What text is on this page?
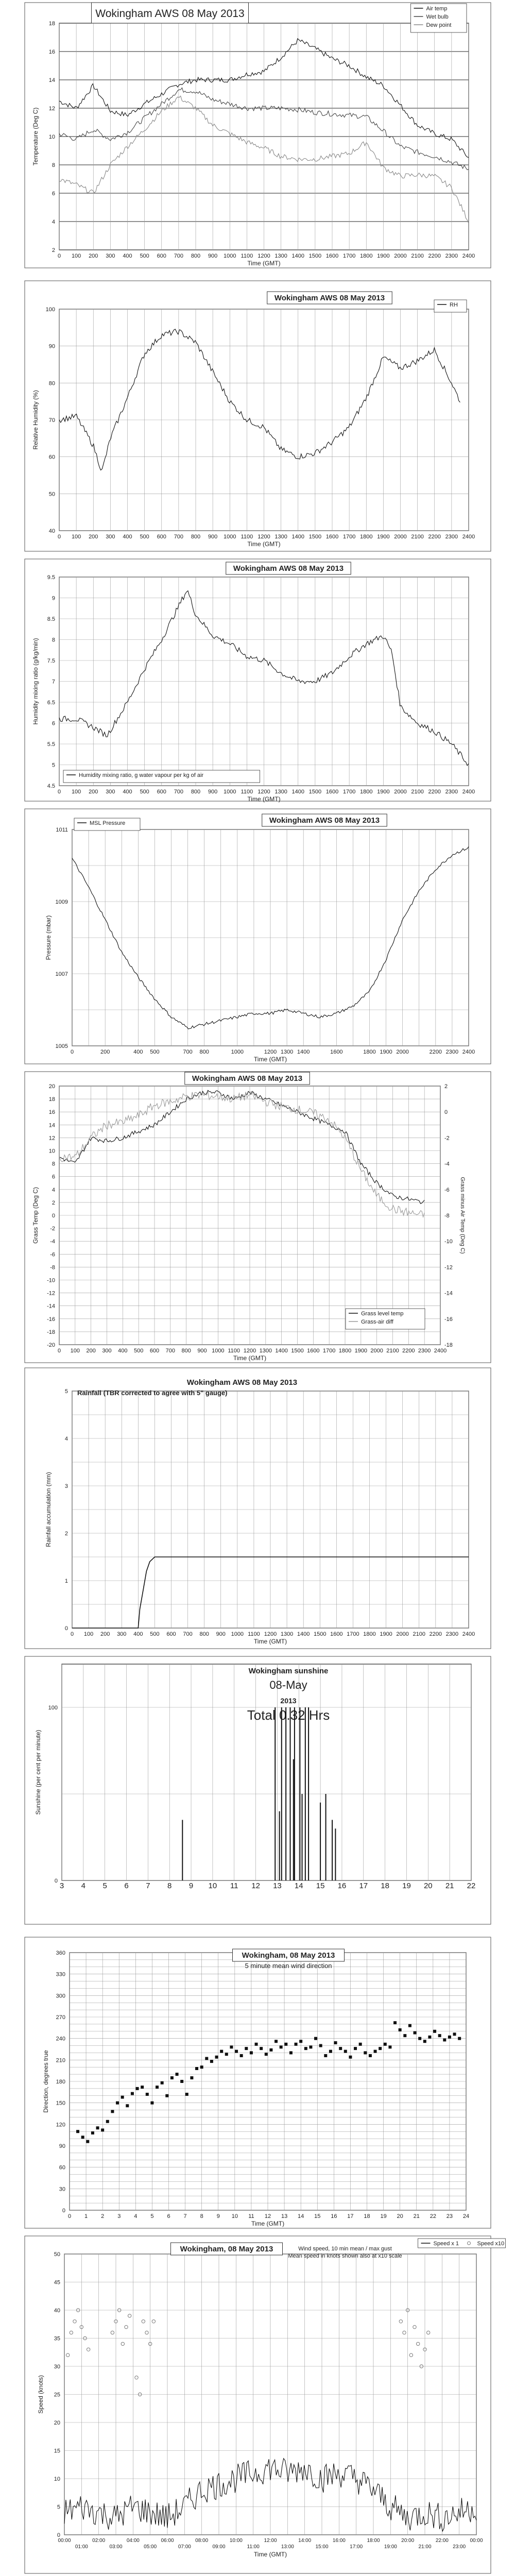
2
4
6
8
10
12
14
16
18
0 100 200 300 400 500 600 700 800 900 1000 1100 1200 1300 1400 1500 1600 1700 1800 1900 2000 2100 2200 2300 2400
Time (GMT)
Temperature (Deg C)
Wokingham AWS 08 May 2013	Air temp
Wet bulb
Dew point
40
50
60
70
80
90
100
0 100 200 300 400 500 600 700 800 900 1000 1100 1200 1300 1400 1500 1600 1700 1800 1900 2000 2100 2200 2300 2400
Time (GMT)
Relative Humidity (%)
Wokingham AWS 08 May 2013
RH
4.5
5
5.5
6
6.5
7
7.5
8
8.5
9
9.5
0 100 200 300 400 500 600 700 800 900 1000 1100 1200 1300 1400 1500 1600 1700 1800 1900 2000 2100 2200 2300 2400
Time (GMT)
Humidity mixing ratio (g/kg/min)
Wokingham AWS 08 May 2013
Humidity mixing ratio, g water vapour per kg of air
1005
1007
1009
1011
0	200	400 500	700 800	1000	1200 1300 1400	1600	1800 1900 2000	2200 2300 2400
Time (GMT)
Pressure (mbar)
Wokingham AWS 08 May 2013
MSL Pressure
-20
-18
-16
-14
-12
-10
-8
-6
-4
-2
0
2
4
6
8
10
12
14
16
18
20
0 100 200 300 400 500 600 700 800 900 1000 1100 1200 1300 1400 1500 1600 1700 1800 1900 2000 2100 2200 2300 2400
-18
-16
-14
-12
-10
-8
-6
-4
-2
0
2
Grass minus Air Temp (Deg C)
Time (GMT)
Grass Temp (Deg C)
Wokingham AWS 08 May 2013
Grass level temp
Grass-air diff
0
1
2
3
4
5
0 100 200 300 400 500 600 700 800 900 1000 1100 1200 1300 1400 1500 1600 1700 1800 1900 2000 2100 2200 2300 2400
Time (GMT)
Rainfall accumulation (mm)
Wokingham AWS 08 May 2013
Rainfall (TBR corrected to agree with 5" gauge)
0
100
3 4 5 6 7 8 9 10 11 12 13 14 15 16 17 18 19 20 21 22
Sunshine (per cent per minute)
Wokingham sunshine
08-May
2013
Total 0.32 Hrs
0
30
60
90
120
150
180
210
240
270
300
330
360
0 1 2 3 4 5 6 7 8 9 10 11 12 13 14 15 16 17 18 19 20 21 22 23 24
Time (GMT)
Direction, degrees true
Wokingham, 08 May 2013
5 minute mean wind direction
0
5
10
15
20
25
30
35
40
45
50
00:00
01:00
02:00
03:00
04:00
05:00
06:00
07:00
08:00
09:00
10:00
11:00
12:00
13:00
14:00
15:00
16:00
17:00
18:00
19:00
20:00
21:00
22:00
23:00
00:00
Time (GMT)
Speed (knots)
Wokingham, 08 May 2013	Wind speed, 10 min mean / max gust
Mean speed in knots shown also at x10 scale
Speed x 1	Speed x10
